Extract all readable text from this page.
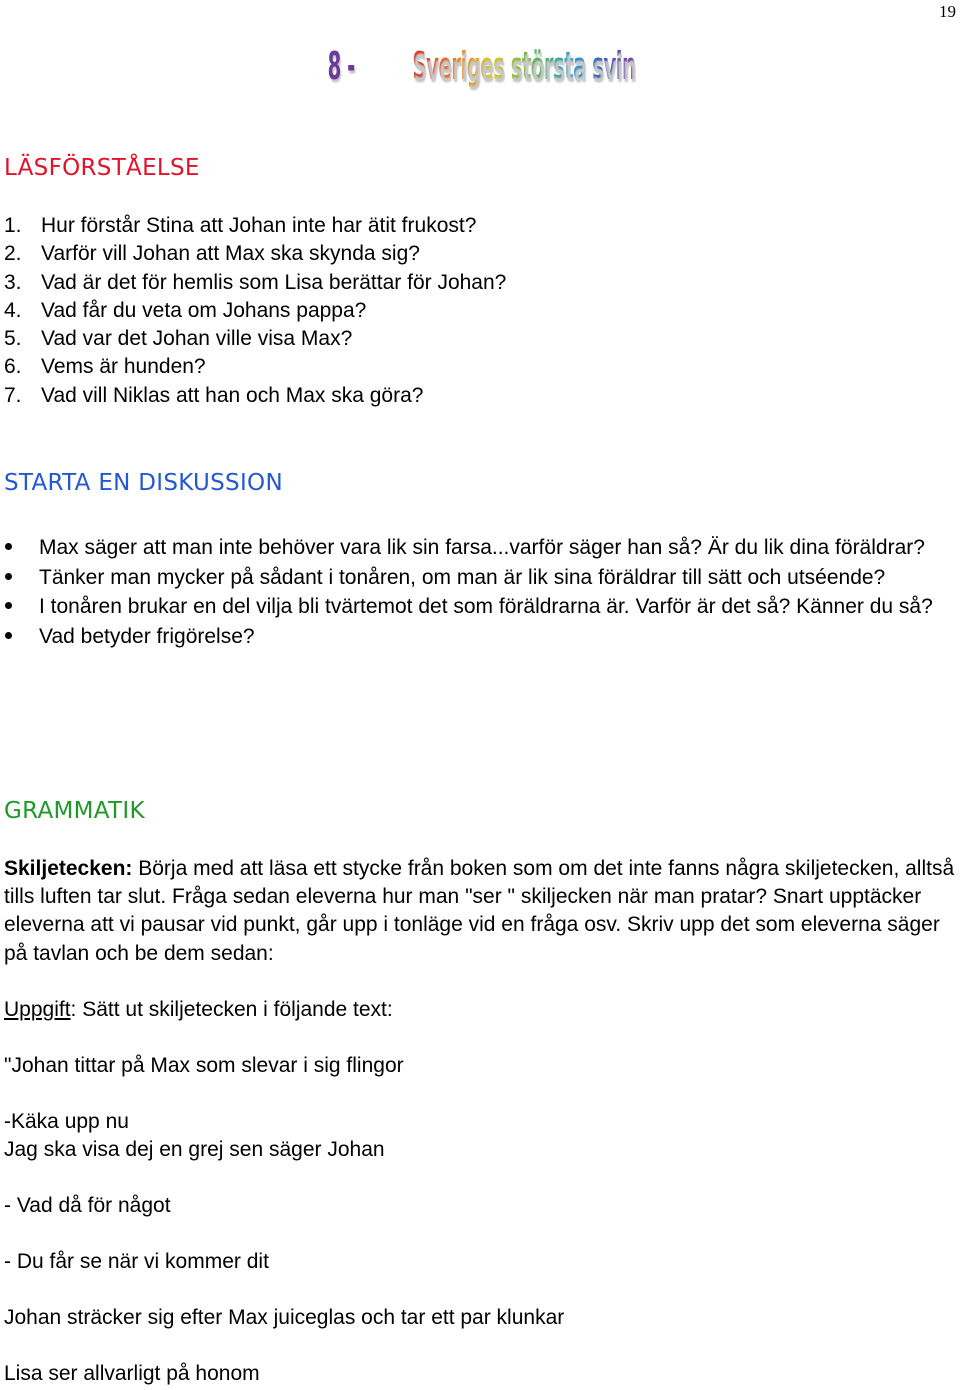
19
8 - Sveriges största svin
LÄSFÖRSTÅELSE
1. Hur förstår Stina att Johan inte har ätit frukost?
2. Varför vill Johan att Max ska skynda sig?
3. Vad är det för hemlis som Lisa berättar för Johan?
4. Vad får du veta om Johans pappa?
5. Vad var det Johan ville visa Max?
6. Vems är hunden?
7. Vad vill Niklas att han och Max ska göra?
STARTA EN DISKUSSION
Max säger att man inte behöver vara lik sin farsa...varför säger han så? Är du lik dina föräldrar?
Tänker man mycker på sådant i tonåren, om man är lik sina föräldrar till sätt och utséende?
I tonåren brukar en del vilja bli tvärtemot det som föräldrarna är. Varför är det så? Känner du så?
Vad betyder frigörelse?
GRAMMATIK

Skiljetecken: Börja med att läsa ett stycke från boken som om det inte fanns några skiljetecken, alltså tills luften tar slut. Fråga sedan eleverna hur man "ser " skiljecken när man pratar? Snart upptäcker eleverna att vi pausar vid punkt, går upp i tonläge vid en fråga osv. Skriv upp det som eleverna säger på tavlan och be dem sedan:

Uppgift: Sätt ut skiljetecken i följande text:

"Johan tittar på Max som slevar i sig flingor

-Käka upp nu

Jag ska visa dej en grej sen säger Johan

- Vad då för något

- Du får se när vi kommer dit

Johan sträcker sig efter Max juiceglas och tar ett par klunkar

Lisa ser allvarligt på honom
